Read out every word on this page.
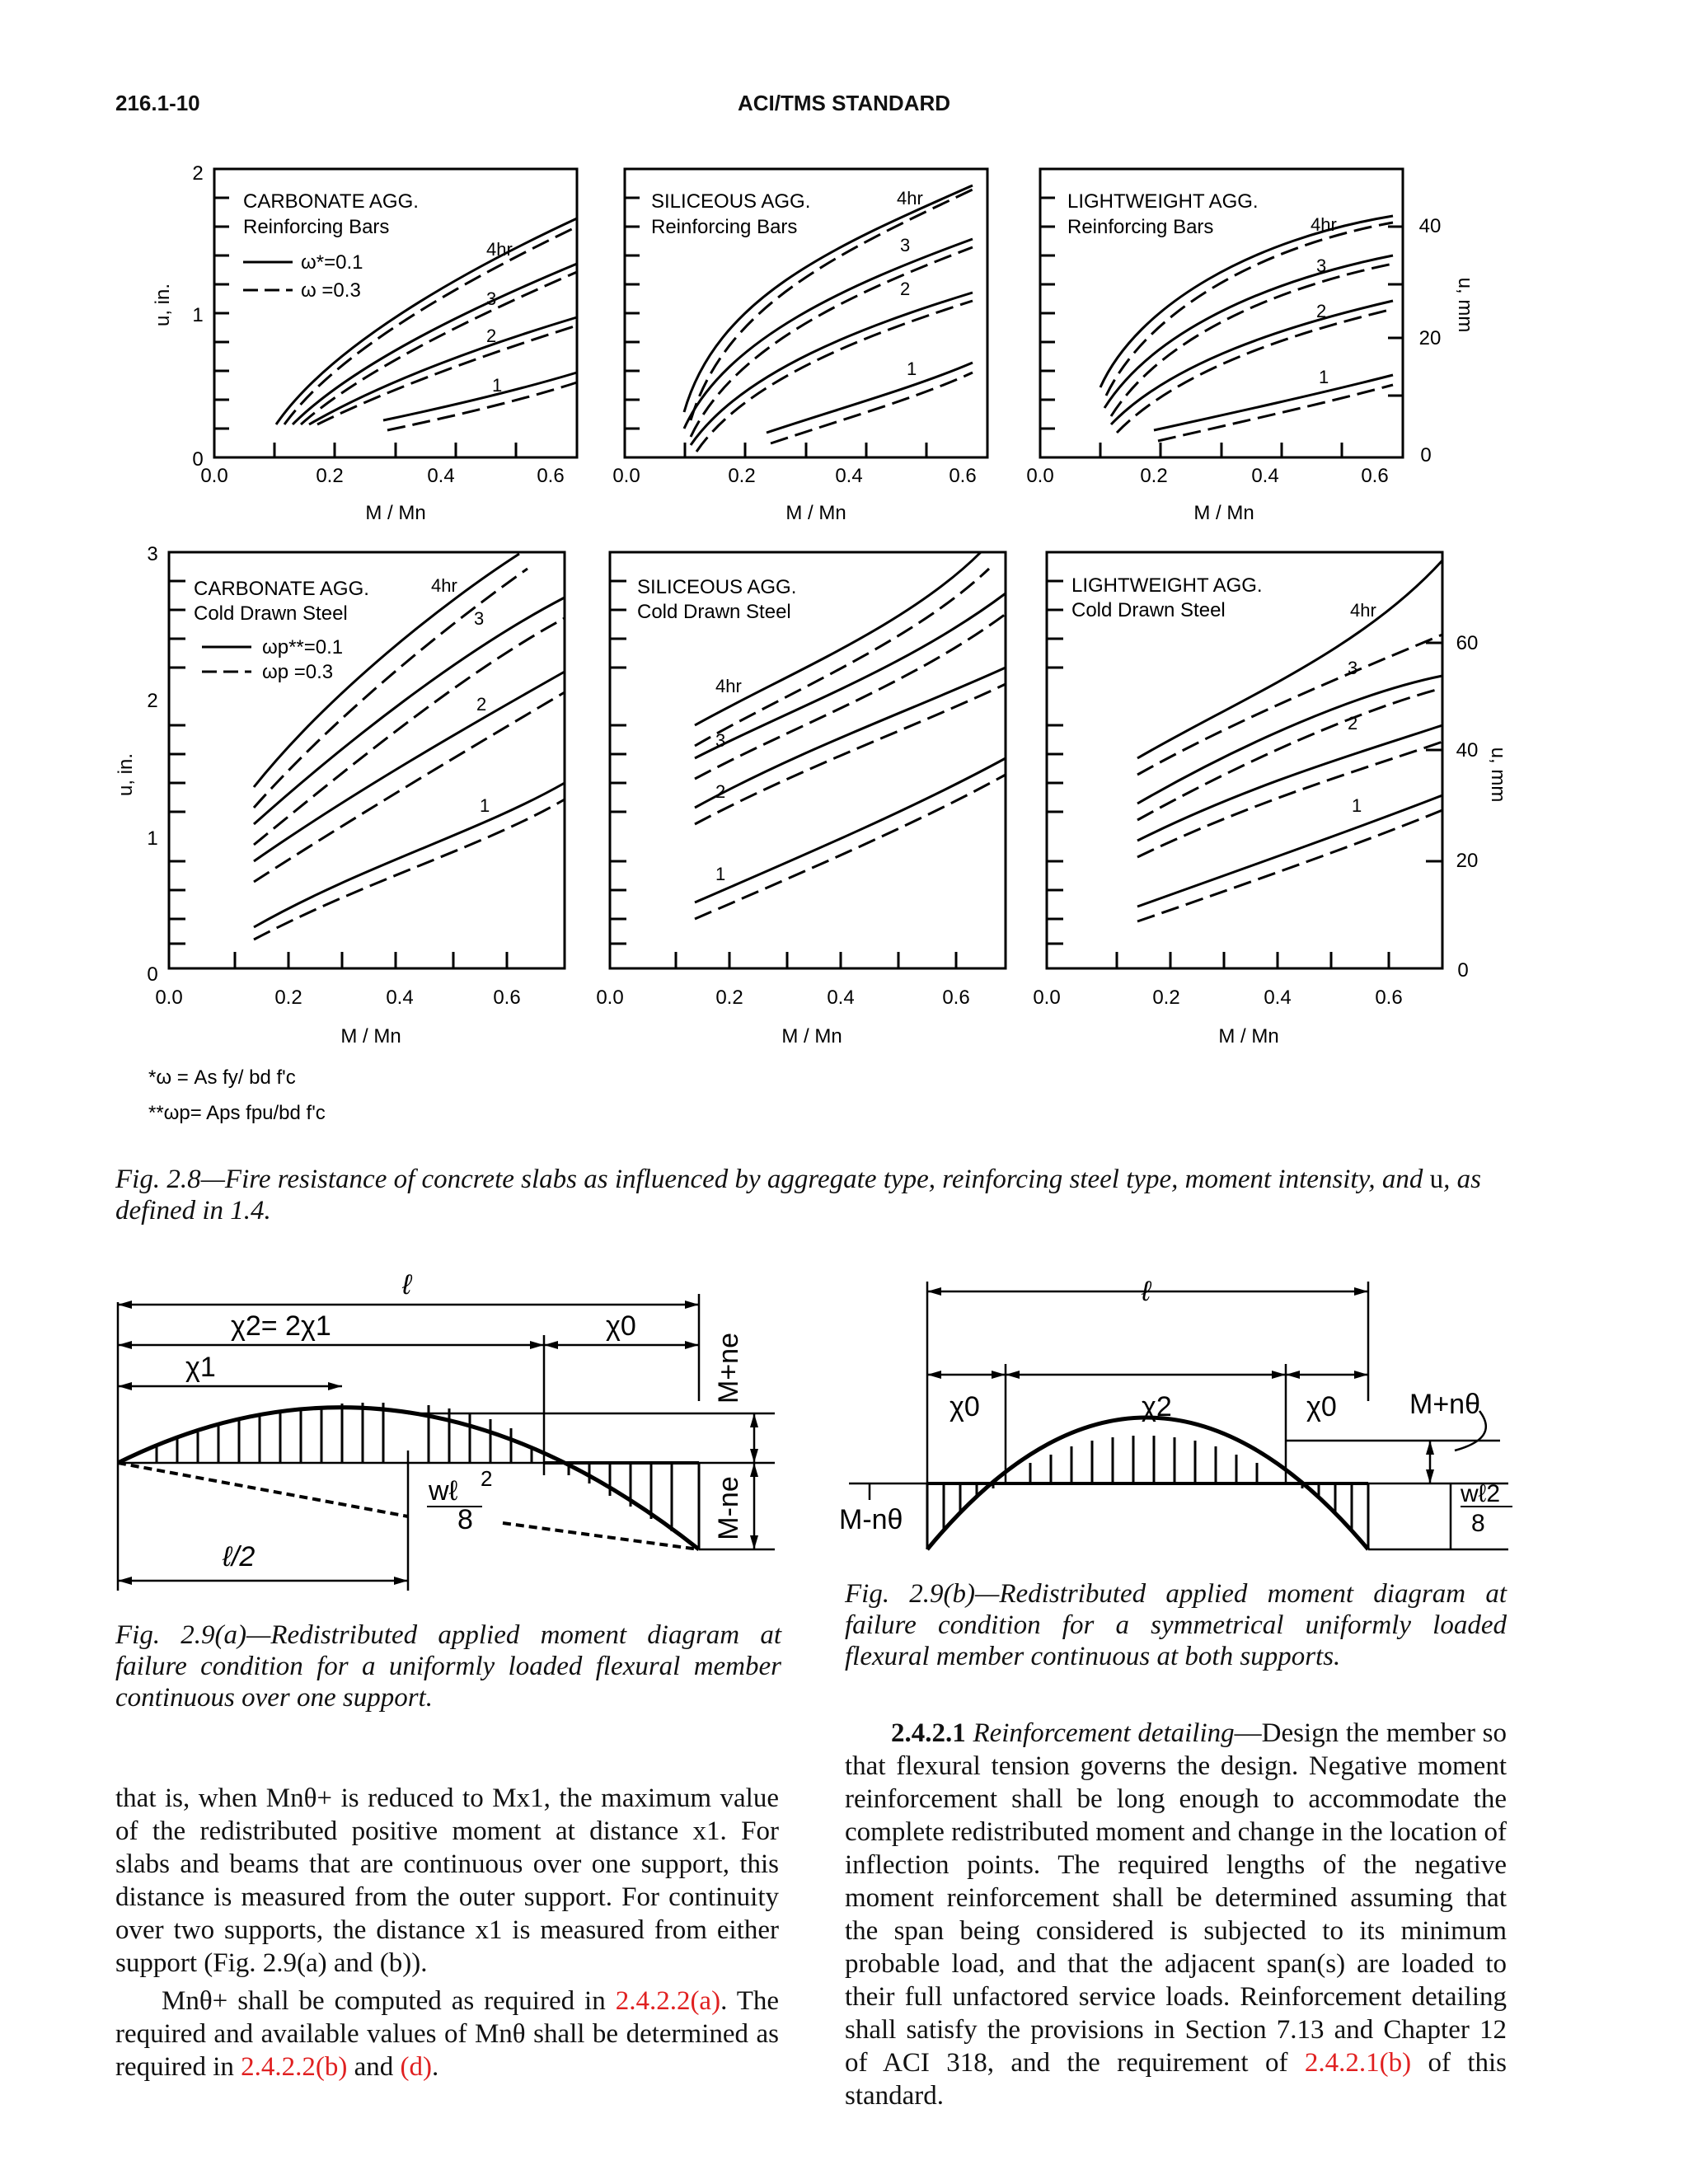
ACI/TMS STANDARD
216.1-10
CARBONATE AGG.
Reinforcing Bars
ω*=0.1
ω =0.3
SILICEOUS AGG.
Reinforcing Bars
LIGHTWEIGHT AGG.
Reinforcing Bars
CARBONATE AGG.
Cold Drawn Steel
ωp**=0.1
ωp =0.3
SILICEOUS AGG.
Cold Drawn Steel
LIGHTWEIGHT AGG.
Cold Drawn Steel
4hr
3
2
1
4hr
3
2
1
4hr
3
2
1
4hr
3
2
1
4hr
3
2
1
4hr
3
2
1
0.0	0.2	0.4	0.6 0.0	0.2	0.4	0.6	0.0	0.2	0.4	0.6
0.0	0.2	0.4	0.6	0.0	0.2	0.4	0.6	0.0	0.2	0.4	0.6
M / Mn	M / Mn	M / Mn
M / Mn	M / Mn	M / Mn
0
1
2
40
20
0
3
2
1
0
60
40
20
0
u, in.	u, mm
u, in.	u, mm
*ω = As fy/ bd f'c
**ωp= Aps fpu/bd f'c
Fig. 2.8—Fire resistance of concrete slabs as influenced by aggregate type, reinforcing steel type, moment intensity, and u, as defined in 1.4.
ℓ
χ2= 2χ1	χ0
χ1
wℓ 2
8
ℓ/2
M+ne
M-ne
Fig. 2.9(a)—Redistributed applied moment diagram at failure condition for a uniformly loaded flexural member continuous over one support.
ℓ
χ0	χ2	χ0	M+nθ
M-nθ
wℓ2
8
Fig. 2.9(b)—Redistributed applied moment diagram at failure condition for a symmetrical uniformly loaded flexural member continuous at both supports.

that is, when Mnθ+ is reduced to Mx1, the maximum value of the redistributed positive moment at distance x1. For slabs and beams that are continuous over one support, this distance is measured from the outer support. For continuity over two supports, the distance x1 is measured from either support (Fig. 2.9(a) and (b)).

Mnθ+ shall be computed as required in 2.4.2.2(a). The required and available values of Mnθ shall be determined as required in 2.4.2.2(b) and (d).

2.4.2.1 Reinforcement detailing—Design the member so that flexural tension governs the design. Negative moment reinforcement shall be long enough to accommodate the complete redistributed moment and change in the location of inflection points. The required lengths of the negative moment reinforcement shall be determined assuming that the span being considered is subjected to its minimum probable load, and that the adjacent span(s) are loaded to their full unfactored service loads. Reinforcement detailing shall satisfy the provisions in Section 7.13 and Chapter 12 of ACI 318, and the requirement of 2.4.2.1(b) of this standard.
